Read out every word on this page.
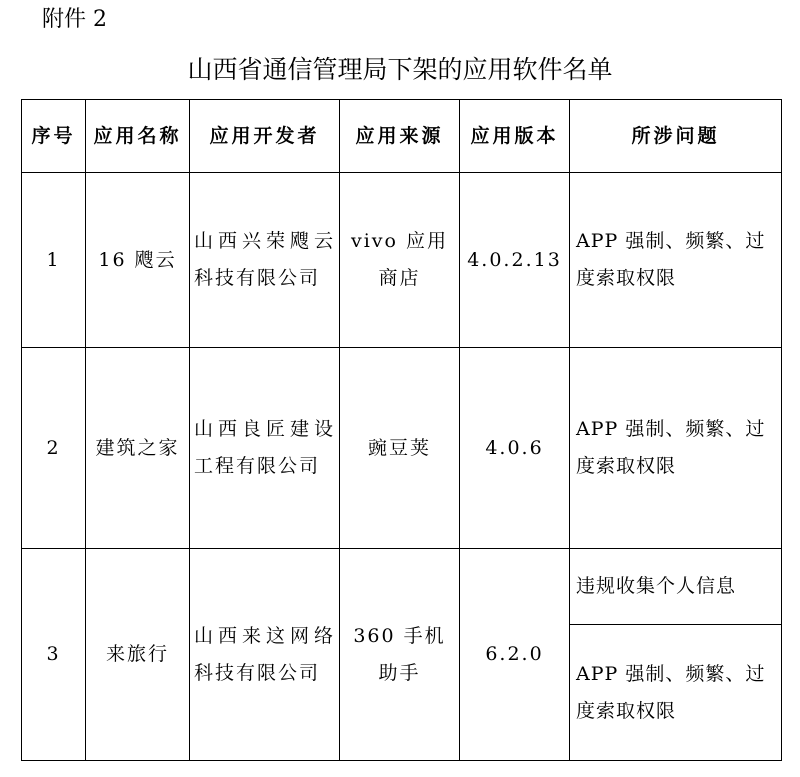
附件 2
山西省通信管理局下架的应用软件名单
序号	应用名称	应用开发者	应用来源	应用版本	所涉问题
1	16 飕云	山西兴荣飕云科技有限公司	vivo 应用商店	4.0.2.13	APP 强制、频繁、过度索取权限
2	建筑之家	山西良匠建设工程有限公司	豌豆荚	4.0.6	APP 强制、频繁、过度索取权限
3	来旅行	山西来这网络科技有限公司	360 手机助手	6.2.0	违规收集个人信息
					APP 强制、频繁、过度索取权限
